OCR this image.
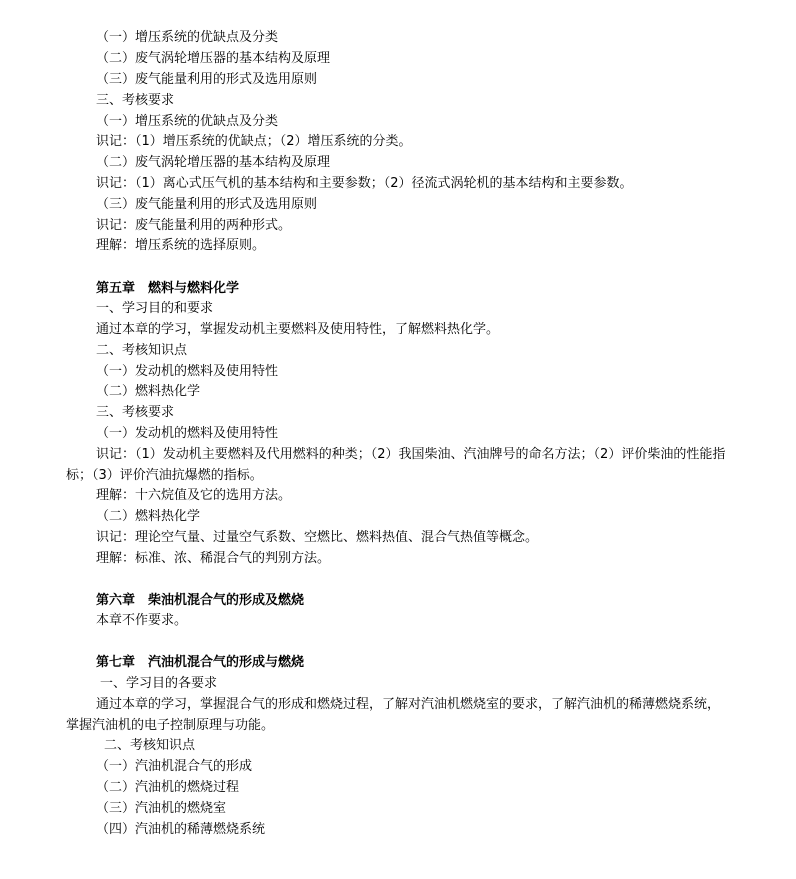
（一）增压系统的优缺点及分类
（二）废气涡轮增压器的基本结构及原理
（三）废气能量利用的形式及选用原则
三、考核要求
（一）增压系统的优缺点及分类
识记：（1）增压系统的优缺点；（2）增压系统的分类。
（二）废气涡轮增压器的基本结构及原理
识记：（1）离心式压气机的基本结构和主要参数；（2）径流式涡轮机的基本结构和主要参数。
（三）废气能量利用的形式及选用原则
识记：废气能量利用的两种形式。
理解：增压系统的选择原则。
第五章　燃料与燃料化学
一、学习目的和要求
通过本章的学习，掌握发动机主要燃料及使用特性，了解燃料热化学。
二、考核知识点
（一）发动机的燃料及使用特性
（二）燃料热化学
三、考核要求
（一）发动机的燃料及使用特性
识记：（1）发动机主要燃料及代用燃料的种类；（2）我国柴油、汽油牌号的命名方法；（2）评价柴油的性能指
标；（3）评价汽油抗爆燃的指标。
理解：十六烷值及它的选用方法。
（二）燃料热化学
识记：理论空气量、过量空气系数、空燃比、燃料热值、混合气热值等概念。
理解：标准、浓、稀混合气的判别方法。
第六章　柴油机混合气的形成及燃烧
本章不作要求。
第七章　汽油机混合气的形成与燃烧
一、学习目的各要求
通过本章的学习，掌握混合气的形成和燃烧过程，了解对汽油机燃烧室的要求，了解汽油机的稀薄燃烧系统，
掌握汽油机的电子控制原理与功能。
二、考核知识点
（一）汽油机混合气的形成
（二）汽油机的燃烧过程
（三）汽油机的燃烧室
（四）汽油机的稀薄燃烧系统
